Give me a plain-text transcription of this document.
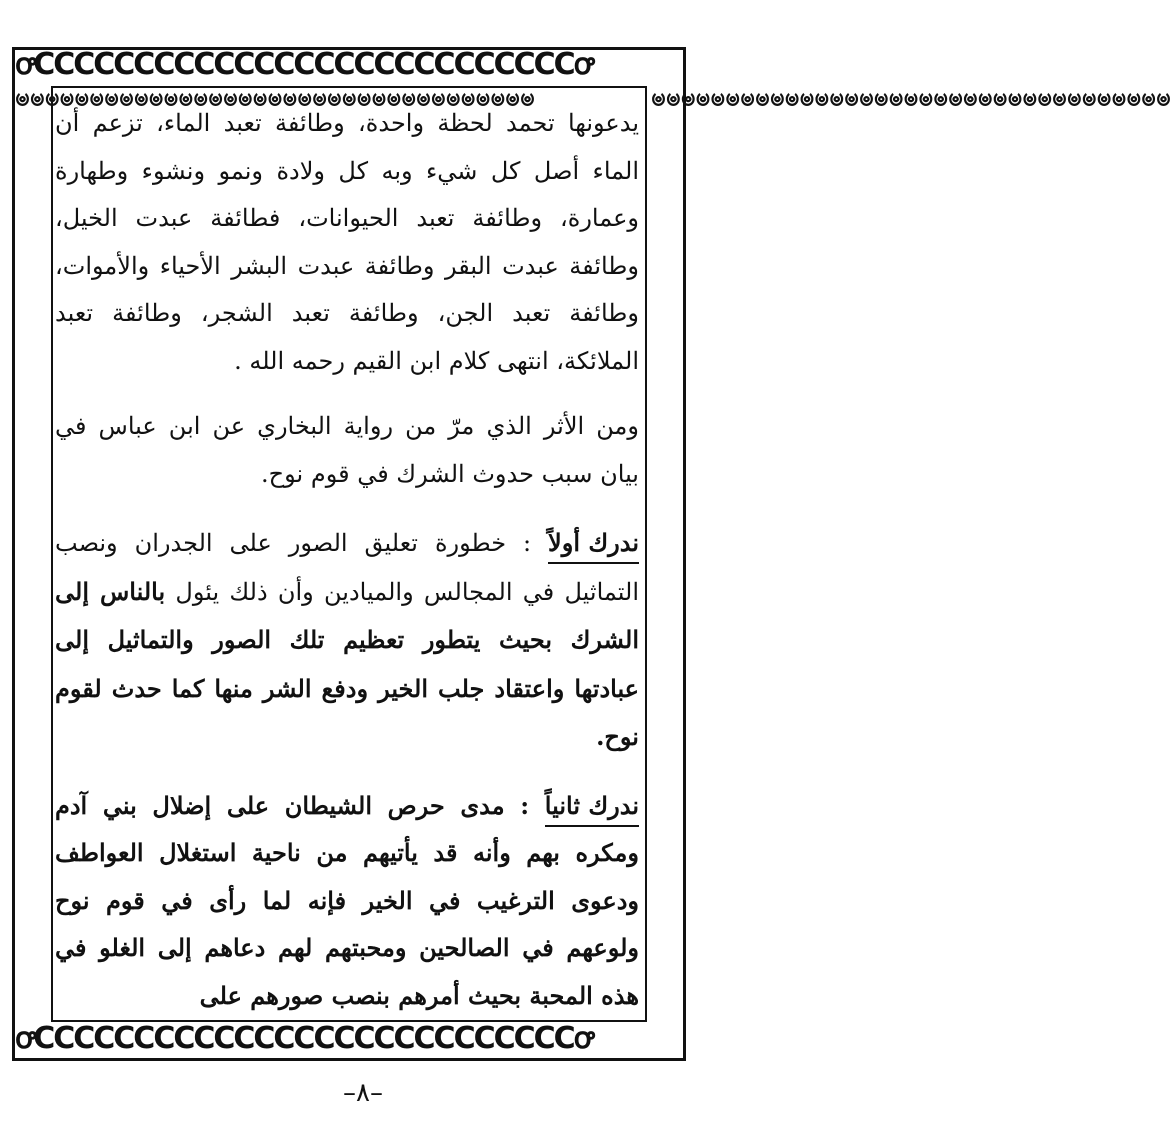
ꝍCCCCCCCCCCCCCCCCCCCCCCCCCCCꝍ
ꝍCCCCCCCCCCCCCCCCCCCCCCCCCCCꝍ
ၑၑၑၑၑၑၑၑၑၑၑၑၑၑၑၑၑၑၑၑၑၑၑၑၑၑၑၑၑၑၑၑၑၑၑ	ၑၑၑၑၑၑၑၑၑၑၑၑၑၑၑၑၑၑၑၑၑၑၑၑၑၑၑၑၑၑၑၑၑၑၑ

يدعونها تحمد لحظة واحدة، وطائفة تعبد الماء، تزعم أن الماء أصل كل شيء وبه كل ولادة ونمو ونشوء وطهارة وعمارة، وطائفة تعبد الحيوانات، فطائفة عبدت الخيل، وطائفة عبدت البقر وطائفة عبدت البشر الأحياء والأموات، وطائفة تعبد الجن، وطائفة تعبد الشجر، وطائفة تعبد الملائكة، انتهى كلام ابن القيم رحمه الله .

ومن الأثر الذي مرّ من رواية البخاري عن ابن عباس في بيان سبب حدوث الشرك في قوم نوح.

ندرك أولاً : خطورة تعليق الصور على الجدران ونصب التماثيل في المجالس والميادين وأن ذلك يئول بالناس إلى الشرك بحيث يتطور تعظيم تلك الصور والتماثيل إلى عبادتها واعتقاد جلب الخير ودفع الشر منها كما حدث لقوم نوح.

ندرك ثانياً : مدى حرص الشيطان على إضلال بني آدم ومكره بهم وأنه قد يأتيهم من ناحية استغلال العواطف ودعوى الترغيب في الخير فإنه لما رأى في قوم نوح ولوعهم في الصالحين ومحبتهم لهم دعاهم إلى الغلو في هذه المحبة بحيث أمرهم بنصب صورهم على

–٨–
